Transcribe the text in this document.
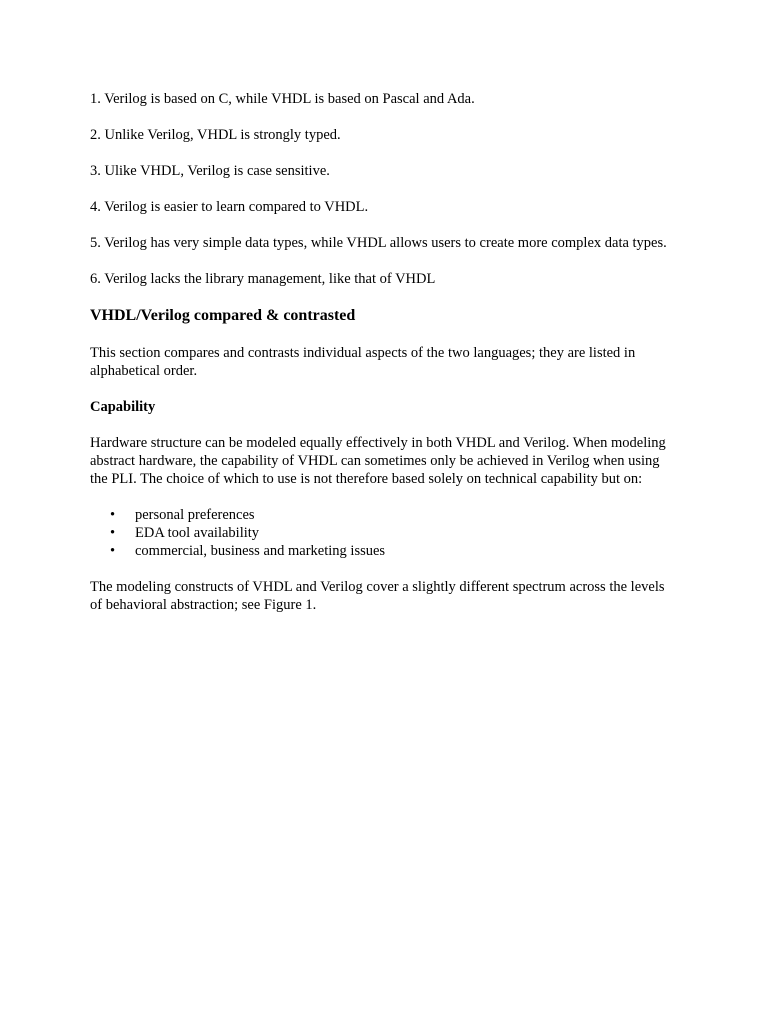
1. Verilog is based on C, while VHDL is based on Pascal and Ada.

2. Unlike Verilog, VHDL is strongly typed.

3. Ulike VHDL, Verilog is case sensitive.

4. Verilog is easier to learn compared to VHDL.

5. Verilog has very simple data types, while VHDL allows users to create more complex data types.

6. Verilog lacks the library management, like that of VHDL

VHDL/Verilog compared & contrasted

This section compares and contrasts individual aspects of the two languages; they are listed in alphabetical order.

Capability

Hardware structure can be modeled equally effectively in both VHDL and Verilog. When modeling abstract hardware, the capability of VHDL can sometimes only be achieved in Verilog when using the PLI. The choice of which to use is not therefore based solely on technical capability but on:

• personal preferences
• EDA tool availability
• commercial, business and marketing issues

The modeling constructs of VHDL and Verilog cover a slightly different spectrum across the levels of behavioral abstraction; see Figure 1.
